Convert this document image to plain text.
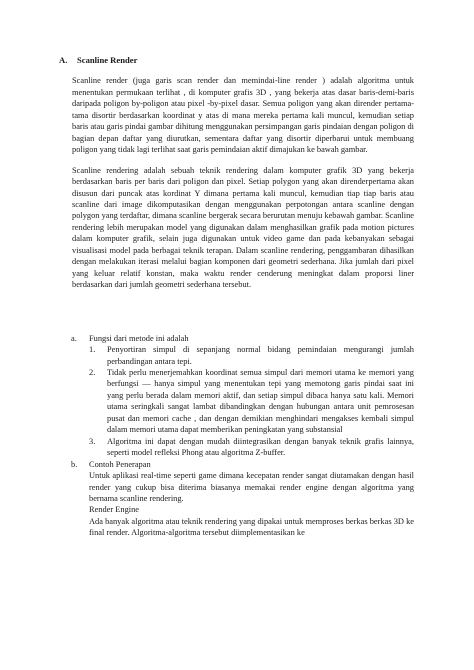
A.	Scanline Render

Scanline render (juga garis scan render dan memindai-line render ) adalah algoritma untuk menentukan permukaan terlihat , di komputer grafis 3D , yang bekerja atas dasar baris-demi-baris daripada poligon by-poligon atau pixel -by-pixel dasar. Semua poligon yang akan dirender pertama-tama disortir berdasarkan koordinat y atas di mana mereka pertama kali muncul, kemudian setiap baris atau garis pindai gambar dihitung menggunakan persimpangan garis pindaian dengan poligon di bagian depan daftar yang diurutkan, sementara daftar yang disortir diperbarui untuk membuang poligon yang tidak lagi terlihat saat garis pemindaian aktif dimajukan ke bawah gambar.

Scanline rendering adalah sebuah teknik rendering dalam komputer grafik 3D yang bekerja berdasarkan baris per baris dari poligon dan pixel. Setiap polygon yang akan direnderpertama akan disusun dari puncak atas kordinat Y dimana pertama kali muncul, kemudian tiap tiap baris atau scanline dari image dikomputasikan dengan menggunakan perpotongan antara scanline dengan polygon yang terdaftar, dimana scanline bergerak secara berurutan menuju kebawah gambar. Scanline rendering lebih merupakan model yang digunakan dalam menghasilkan grafik pada motion pictures dalam komputer grafik, selain juga digunakan untuk video game dan pada kebanyakan sebagai visualisasi model pada berbagai teknik terapan. Dalam scanline rendering, penggambaran dihasilkan dengan melakukan iterasi melalui bagian komponen dari geometri sederhana. Jika jumlah dari pixel yang keluar relatif konstan, maka waktu render cenderung meningkat dalam proporsi liner berdasarkan dari jumlah geometri sederhana tersebut.

a.	Fungsi dari metode ini adalah
1.	Penyortiran simpul di sepanjang normal bidang pemindaian mengurangi jumlah perbandingan antara tepi.
2.	Tidak perlu menerjemahkan koordinat semua simpul dari memori utama ke memori yang berfungsi — hanya simpul yang menentukan tepi yang memotong garis pindai saat ini yang perlu berada dalam memori aktif, dan setiap simpul dibaca hanya satu kali. Memori utama seringkali sangat lambat dibandingkan dengan hubungan antara unit pemrosesan pusat dan memori cache , dan dengan demikian menghindari mengakses kembali simpul dalam memori utama dapat memberikan peningkatan yang substansial
3.	Algoritma ini dapat dengan mudah diintegrasikan dengan banyak teknik grafis lainnya, seperti model refleksi Phong atau algoritma Z-buffer.
b.	Contoh Penerapan

Untuk aplikasi real-time seperti game dimana kecepatan render sangat diutamakan dengan hasil render yang cukup bisa diterima biasanya memakai render engine dengan algoritma yang bernama scanline rendering.

Render Engine

Ada banyak algoritma atau teknik rendering yang dipakai untuk memproses berkas berkas 3D ke final render. Algoritma-algoritma tersebut diimplementasikan ke
